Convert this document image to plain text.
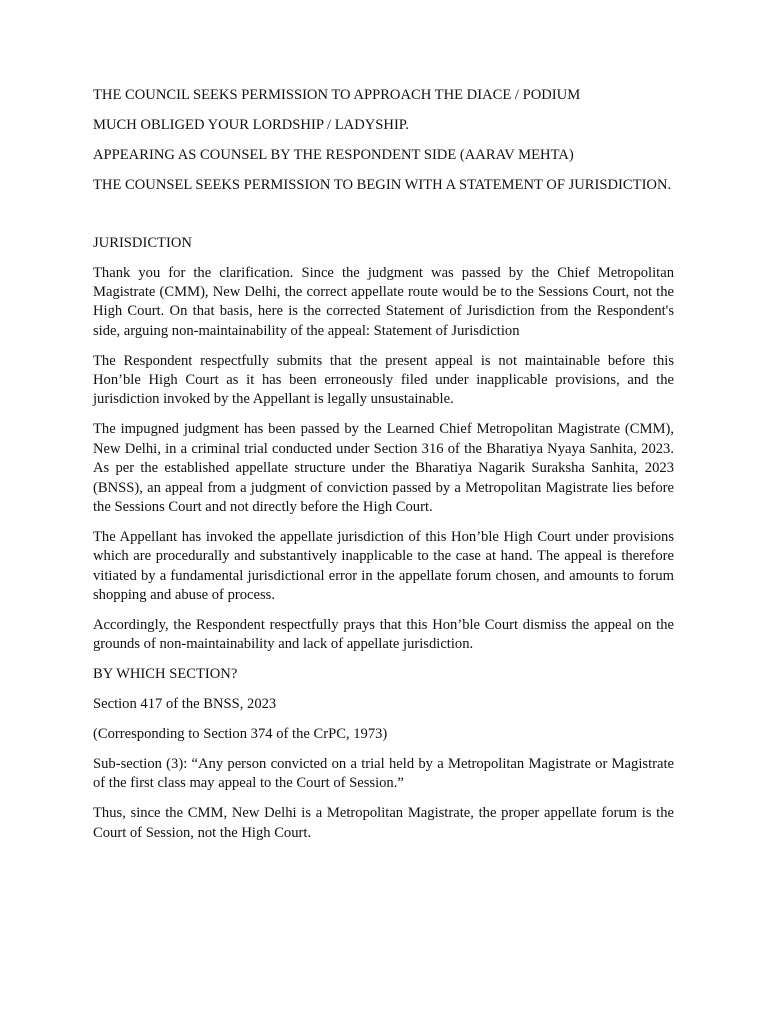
THE COUNCIL SEEKS PERMISSION TO APPROACH THE DIACE / PODIUM

MUCH OBLIGED YOUR LORDSHIP / LADYSHIP.

APPEARING AS COUNSEL BY THE RESPONDENT SIDE (AARAV MEHTA)

THE COUNSEL SEEKS PERMISSION TO BEGIN WITH A STATEMENT OF JURISDICTION.

JURISDICTION

Thank you for the clarification. Since the judgment was passed by the Chief Metropolitan Magistrate (CMM), New Delhi, the correct appellate route would be to the Sessions Court, not the High Court. On that basis, here is the corrected Statement of Jurisdiction from the Respondent's side, arguing non-maintainability of the appeal: Statement of Jurisdiction

The Respondent respectfully submits that the present appeal is not maintainable before this Hon’ble High Court as it has been erroneously filed under inapplicable provisions, and the jurisdiction invoked by the Appellant is legally unsustainable.

The impugned judgment has been passed by the Learned Chief Metropolitan Magistrate (CMM), New Delhi, in a criminal trial conducted under Section 316 of the Bharatiya Nyaya Sanhita, 2023. As per the established appellate structure under the Bharatiya Nagarik Suraksha Sanhita, 2023 (BNSS), an appeal from a judgment of conviction passed by a Metropolitan Magistrate lies before the Sessions Court and not directly before the High Court.

The Appellant has invoked the appellate jurisdiction of this Hon’ble High Court under provisions which are procedurally and substantively inapplicable to the case at hand. The appeal is therefore vitiated by a fundamental jurisdictional error in the appellate forum chosen, and amounts to forum shopping and abuse of process.

Accordingly, the Respondent respectfully prays that this Hon’ble Court dismiss the appeal on the grounds of non-maintainability and lack of appellate jurisdiction.

BY WHICH SECTION?

Section 417 of the BNSS, 2023

(Corresponding to Section 374 of the CrPC, 1973)

Sub-section (3): “Any person convicted on a trial held by a Metropolitan Magistrate or Magistrate of the first class may appeal to the Court of Session.”

Thus, since the CMM, New Delhi is a Metropolitan Magistrate, the proper appellate forum is the Court of Session, not the High Court.
